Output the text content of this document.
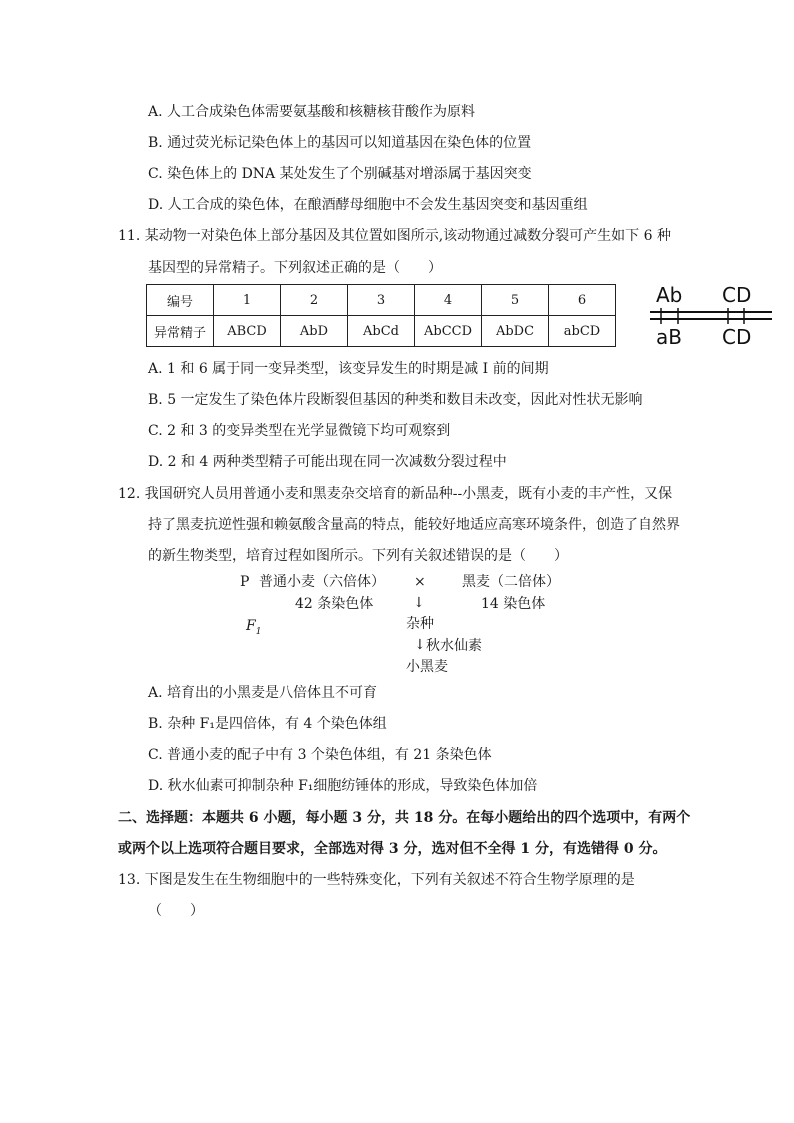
A. 人工合成染色体需要氨基酸和核糖核苷酸作为原料
B. 通过荧光标记染色体上的基因可以知道基因在染色体的位置
C. 染色体上的 DNA 某处发生了个别碱基对增添属于基因突变
D. 人工合成的染色体，在酿酒酵母细胞中不会发生基因突变和基因重组
11. 某动物一对染色体上部分基因及其位置如图所示,该动物通过减数分裂可产生如下 6 种
基因型的异常精子。下列叙述正确的是（　　）
编号	1	2	3	4	5	6
异常精子	ABCD	AbD	AbCd	AbCCD	AbDC	abCD
Ab CD
aB CD
A. 1 和 6 属于同一变异类型，该变异发生的时期是减 I 前的间期
B. 5 一定发生了染色体片段断裂但基因的种类和数目未改变，因此对性状无影响
C. 2 和 3 的变异类型在光学显微镜下均可观察到
D. 2 和 4 两种类型精子可能出现在同一次减数分裂过程中
12. 我国研究人员用普通小麦和黑麦杂交培育的新品种--小黑麦，既有小麦的丰产性，又保
持了黑麦抗逆性强和赖氨酸含量高的特点，能较好地适应高寒环境条件，创造了自然界
的新生物类型，培育过程如图所示。下列有关叙述错误的是（　　）
P 普通小麦（六倍体） ×	黑麦（二倍体）
42 条染色体	↓	14 染色体
$F_1$	杂种
↓ 秋水仙素
小黑麦
A. 培育出的小黑麦是八倍体且不可育
B. 杂种 F₁是四倍体，有 4 个染色体组
C. 普通小麦的配子中有 3 个染色体组，有 21 条染色体
D. 秋水仙素可抑制杂种 F₁细胞纺锤体的形成，导致染色体加倍
二、选择题：本题共 6 小题，每小题 3 分，共 18 分。在每小题给出的四个选项中，有两个
或两个以上选项符合题目要求，全部选对得 3 分，选对但不全得 1 分，有选错得 0 分。
13. 下图是发生在生物细胞中的一些特殊变化，下列有关叙述不符合生物学原理的是
（　　）
